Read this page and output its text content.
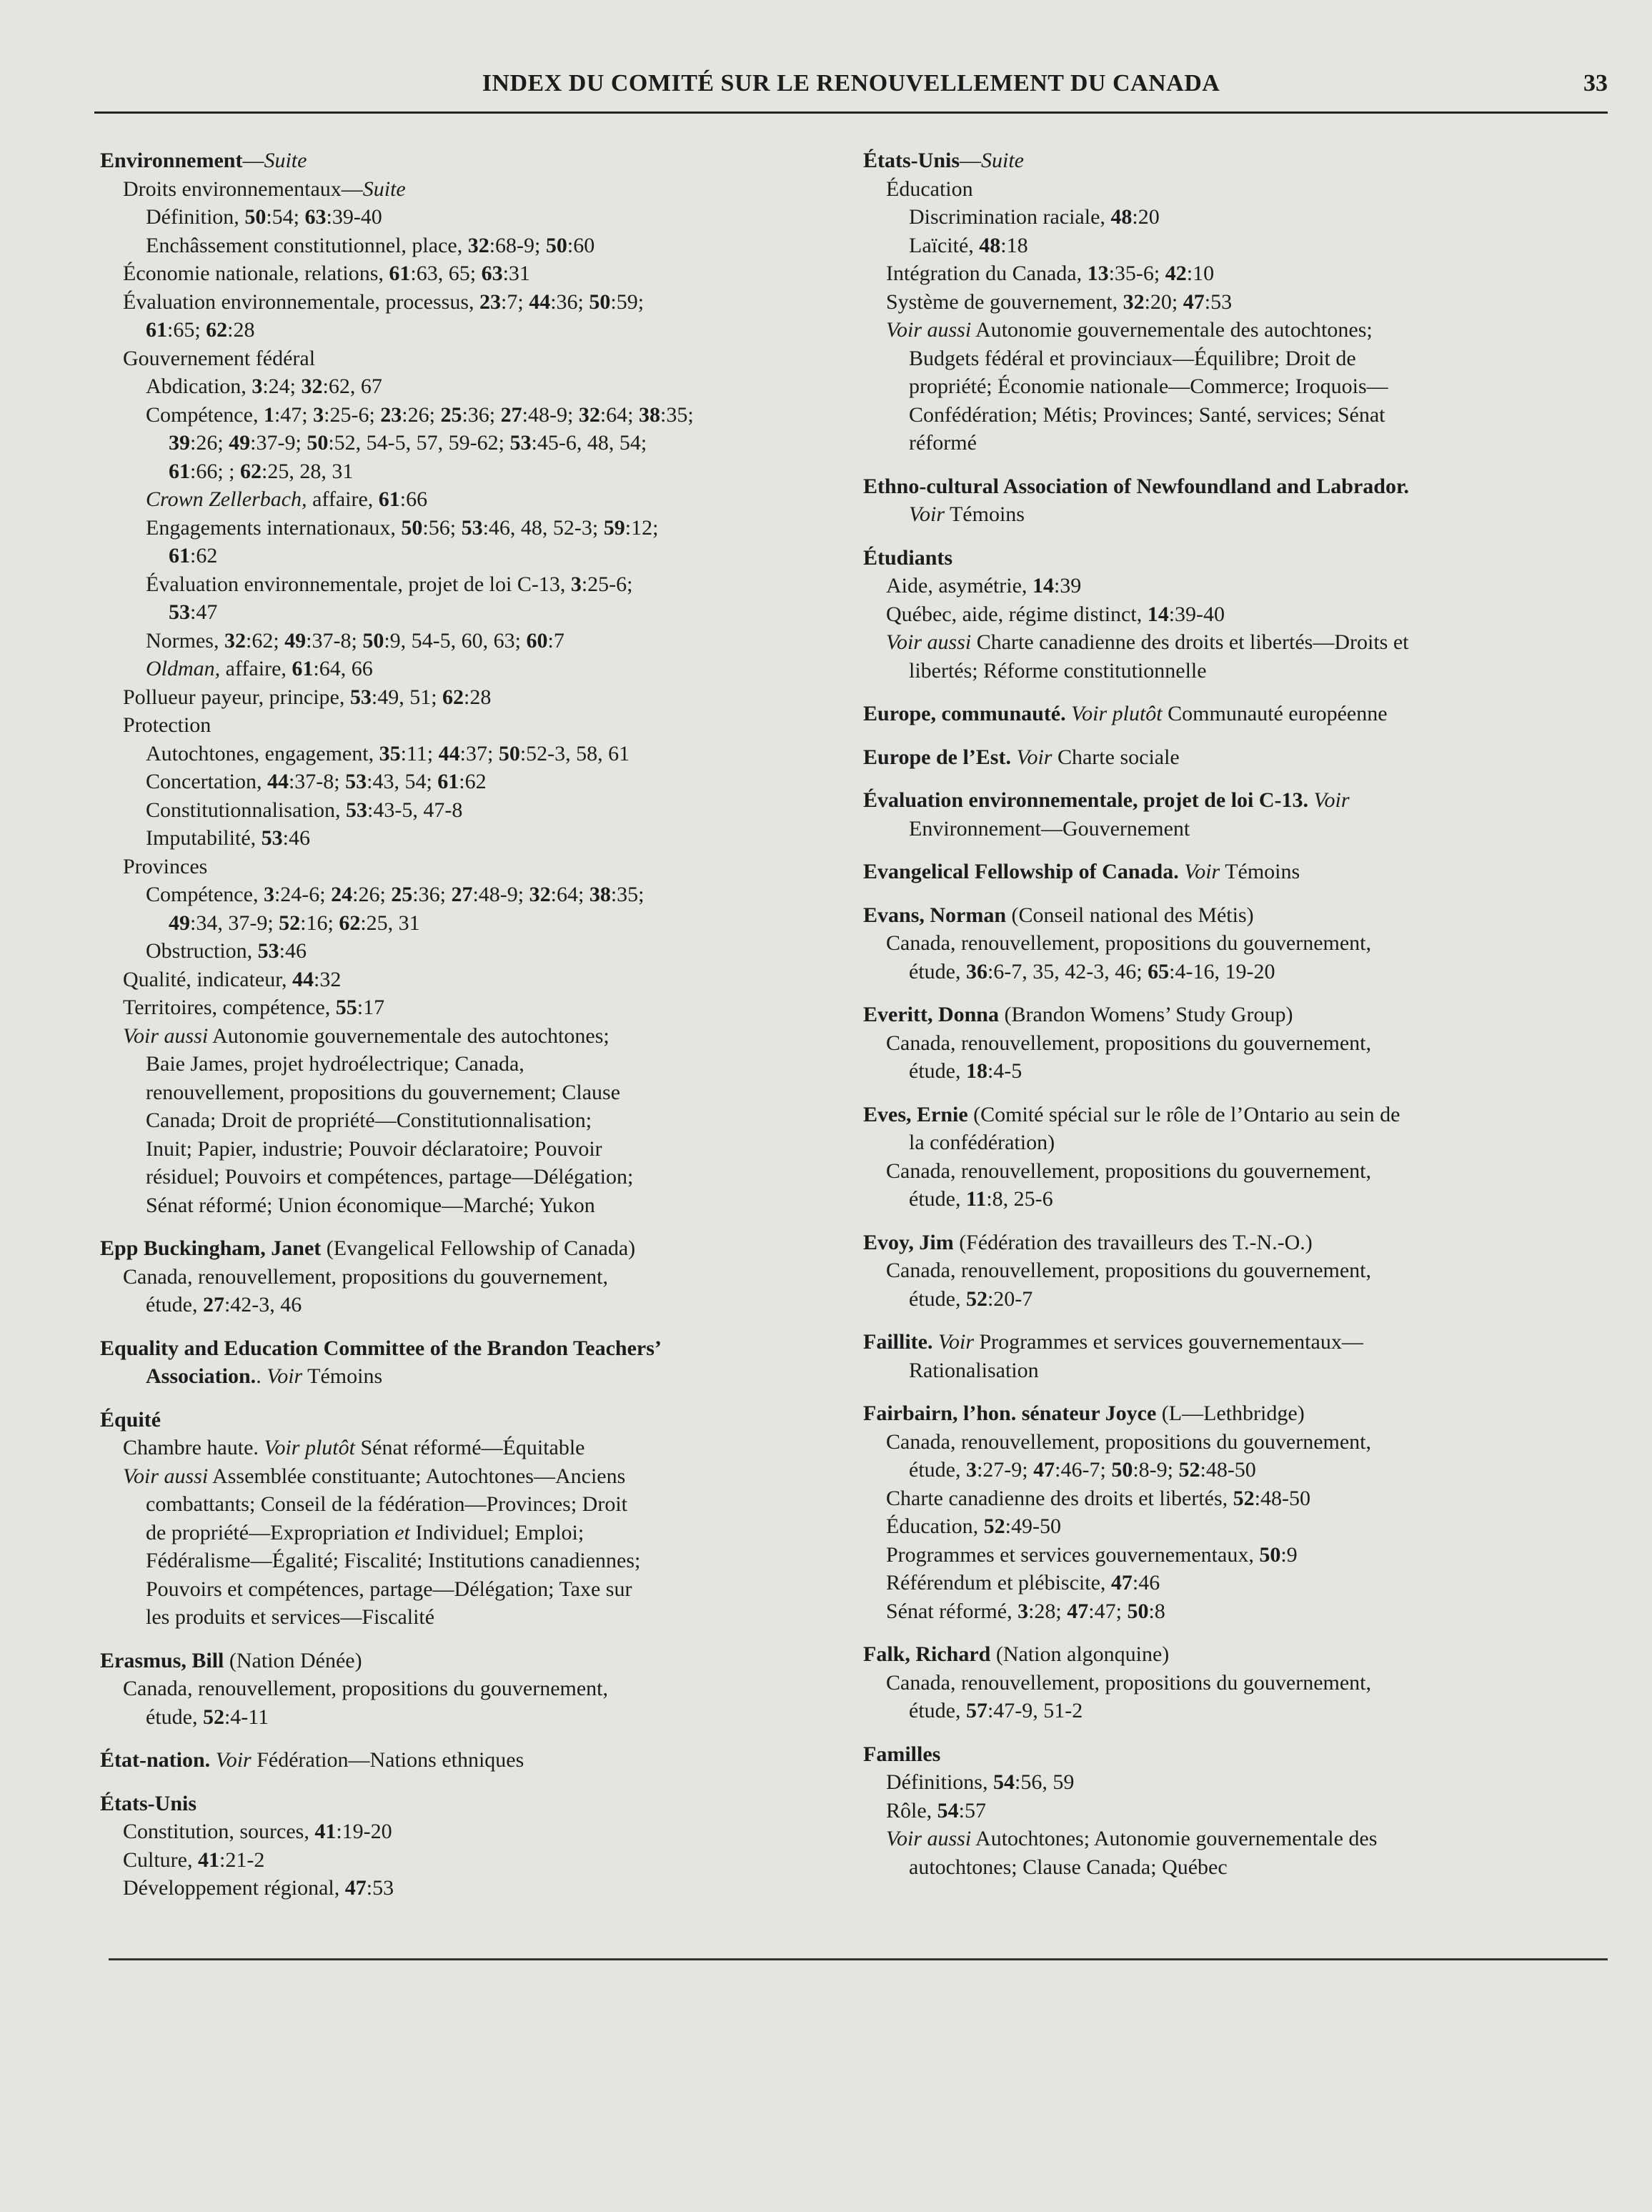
INDEX DU COMITÉ SUR LE RENOUVELLEMENT DU CANADA	33
Environnement—Suite
Droits environnementaux—Suite
Définition, 50:54; 63:39-40
Enchâssement constitutionnel, place, 32:68-9; 50:60
Économie nationale, relations, 61:63, 65; 63:31
Évaluation environnementale, processus, 23:7; 44:36; 50:59;
61:65; 62:28
Gouvernement fédéral
Abdication, 3:24; 32:62, 67
Compétence, 1:47; 3:25-6; 23:26; 25:36; 27:48-9; 32:64; 38:35;
39:26; 49:37-9; 50:52, 54-5, 57, 59-62; 53:45-6, 48, 54;
61:66; ; 62:25, 28, 31
Crown Zellerbach, affaire, 61:66
Engagements internationaux, 50:56; 53:46, 48, 52-3; 59:12;
61:62
Évaluation environnementale, projet de loi C-13, 3:25-6;
53:47
Normes, 32:62; 49:37-8; 50:9, 54-5, 60, 63; 60:7
Oldman, affaire, 61:64, 66
Pollueur payeur, principe, 53:49, 51; 62:28
Protection
Autochtones, engagement, 35:11; 44:37; 50:52-3, 58, 61
Concertation, 44:37-8; 53:43, 54; 61:62
Constitutionnalisation, 53:43-5, 47-8
Imputabilité, 53:46
Provinces
Compétence, 3:24-6; 24:26; 25:36; 27:48-9; 32:64; 38:35;
49:34, 37-9; 52:16; 62:25, 31
Obstruction, 53:46
Qualité, indicateur, 44:32
Territoires, compétence, 55:17
Voir aussi Autonomie gouvernementale des autochtones;
Baie James, projet hydroélectrique; Canada,
renouvellement, propositions du gouvernement; Clause
Canada; Droit de propriété—Constitutionnalisation;
Inuit; Papier, industrie; Pouvoir déclaratoire; Pouvoir
résiduel; Pouvoirs et compétences, partage—Délégation;
Sénat réformé; Union économique—Marché; Yukon
Epp Buckingham, Janet (Evangelical Fellowship of Canada)
Canada, renouvellement, propositions du gouvernement,
étude, 27:42-3, 46
Equality and Education Committee of the Brandon Teachers’
Association.. Voir Témoins
Équité
Chambre haute. Voir plutôt Sénat réformé—Équitable
Voir aussi Assemblée constituante; Autochtones—Anciens
combattants; Conseil de la fédération—Provinces; Droit
de propriété—Expropriation et Individuel; Emploi;
Fédéralisme—Égalité; Fiscalité; Institutions canadiennes;
Pouvoirs et compétences, partage—Délégation; Taxe sur
les produits et services—Fiscalité
Erasmus, Bill (Nation Dénée)
Canada, renouvellement, propositions du gouvernement,
étude, 52:4-11
État-nation. Voir Fédération—Nations ethniques
États-Unis
Constitution, sources, 41:19-20
Culture, 41:21-2
Développement régional, 47:53
États-Unis—Suite
Éducation
Discrimination raciale, 48:20
Laïcité, 48:18
Intégration du Canada, 13:35-6; 42:10
Système de gouvernement, 32:20; 47:53
Voir aussi Autonomie gouvernementale des autochtones;
Budgets fédéral et provinciaux—Équilibre; Droit de
propriété; Économie nationale—Commerce; Iroquois—
Confédération; Métis; Provinces; Santé, services; Sénat
réformé
Ethno-cultural Association of Newfoundland and Labrador.
Voir Témoins
Étudiants
Aide, asymétrie, 14:39
Québec, aide, régime distinct, 14:39-40
Voir aussi Charte canadienne des droits et libertés—Droits et
libertés; Réforme constitutionnelle
Europe, communauté. Voir plutôt Communauté européenne
Europe de l’Est. Voir Charte sociale
Évaluation environnementale, projet de loi C-13. Voir
Environnement—Gouvernement
Evangelical Fellowship of Canada. Voir Témoins
Evans, Norman (Conseil national des Métis)
Canada, renouvellement, propositions du gouvernement,
étude, 36:6-7, 35, 42-3, 46; 65:4-16, 19-20
Everitt, Donna (Brandon Womens’ Study Group)
Canada, renouvellement, propositions du gouvernement,
étude, 18:4-5
Eves, Ernie (Comité spécial sur le rôle de l’Ontario au sein de
la confédération)
Canada, renouvellement, propositions du gouvernement,
étude, 11:8, 25-6
Evoy, Jim (Fédération des travailleurs des T.-N.-O.)
Canada, renouvellement, propositions du gouvernement,
étude, 52:20-7
Faillite. Voir Programmes et services gouvernementaux—
Rationalisation
Fairbairn, l’hon. sénateur Joyce (L—Lethbridge)
Canada, renouvellement, propositions du gouvernement,
étude, 3:27-9; 47:46-7; 50:8-9; 52:48-50
Charte canadienne des droits et libertés, 52:48-50
Éducation, 52:49-50
Programmes et services gouvernementaux, 50:9
Référendum et plébiscite, 47:46
Sénat réformé, 3:28; 47:47; 50:8
Falk, Richard (Nation algonquine)
Canada, renouvellement, propositions du gouvernement,
étude, 57:47-9, 51-2
Familles
Définitions, 54:56, 59
Rôle, 54:57
Voir aussi Autochtones; Autonomie gouvernementale des
autochtones; Clause Canada; Québec
